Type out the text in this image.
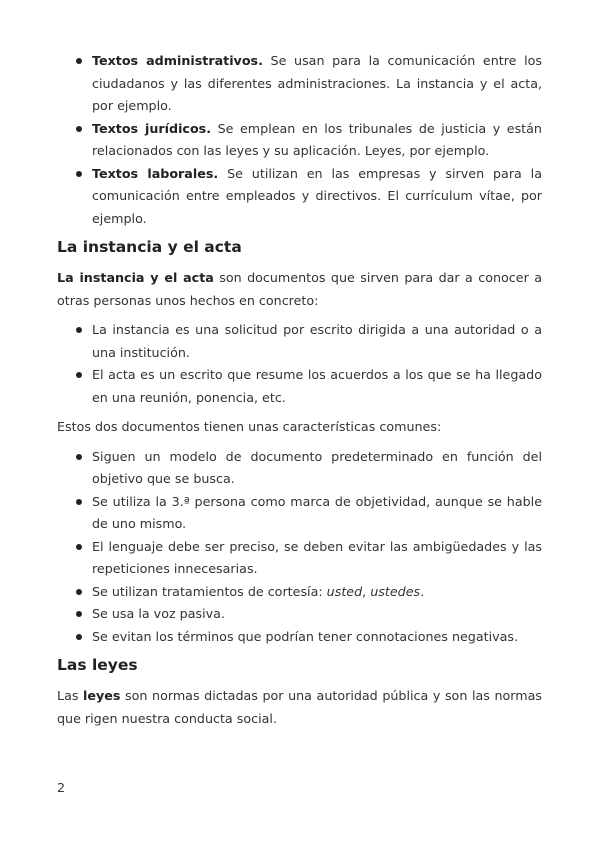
Textos administrativos. Se usan para la comunicación entre los ciudadanos y las diferentes administraciones. La instancia y el acta, por ejemplo.
Textos jurídicos. Se emplean en los tribunales de justicia y están relacionados con las leyes y su aplicación. Leyes, por ejemplo.
Textos laborales. Se utilizan en las empresas y sirven para la comunicación entre empleados y directivos. El currículum vítae, por ejemplo.
La instancia y el acta

La instancia y el acta son documentos que sirven para dar a conocer a otras personas unos hechos en concreto:

La instancia es una solicitud por escrito dirigida a una autoridad o a una institución.
El acta es un escrito que resume los acuerdos a los que se ha llegado en una reunión, ponencia, etc.

Estos dos documentos tienen unas características comunes:

Siguen un modelo de documento predeterminado en función del objetivo que se busca.
Se utiliza la 3.ª persona como marca de objetividad, aunque se hable de uno mismo.
El lenguaje debe ser preciso, se deben evitar las ambigüedades y las repeticiones innecesarias.
Se utilizan tratamientos de cortesía: usted, ustedes.
Se usa la voz pasiva.
Se evitan los términos que podrían tener connotaciones negativas.
Las leyes

Las leyes son normas dictadas por una autoridad pública y son las normas que rigen nuestra conducta social.

2
